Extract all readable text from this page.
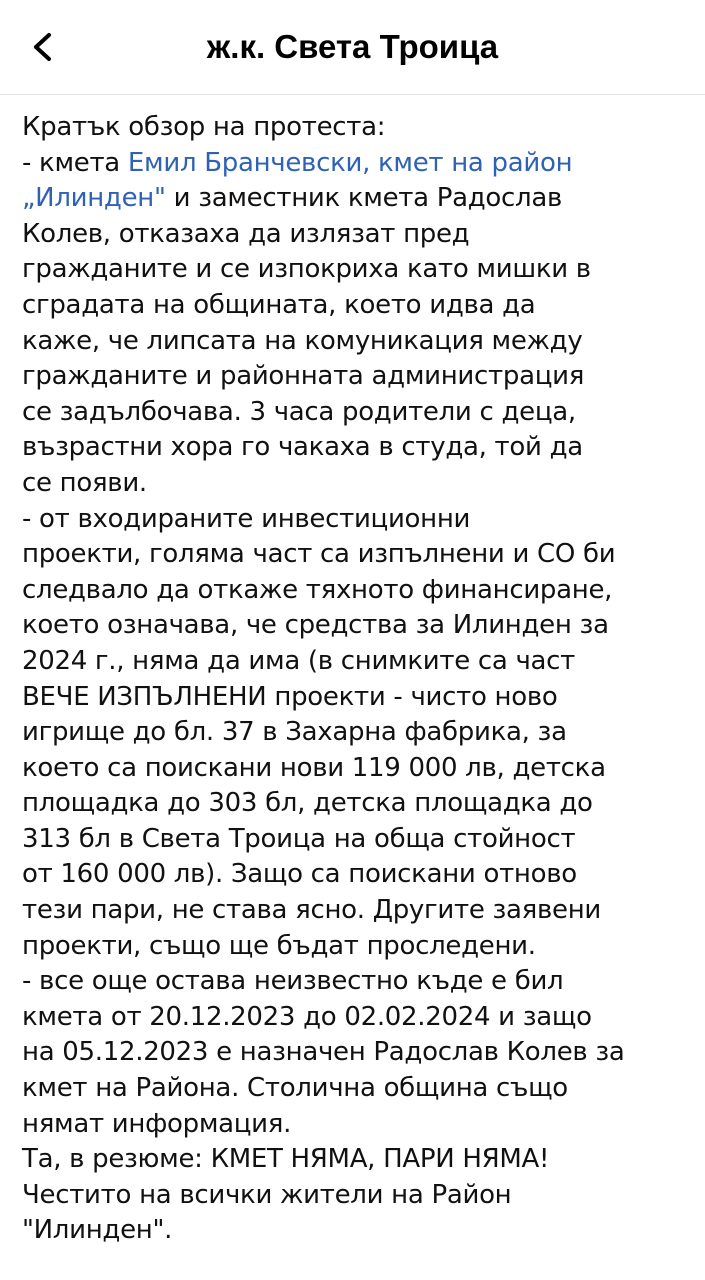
ж.к. Света Троица
Кратък обзор на протеста:
- кмета Емил Бранчевски, кмет на район
„Илинден" и заместник кмета Радослав
Колев, отказаха да излязат пред
гражданите и се изпокриха като мишки в
сградата на общината, което идва да
каже, че липсата на комуникация между
гражданите и районната администрация
се задълбочава. 3 часа родители с деца,
възрастни хора го чакаха в студа, той да
се появи.
- от входираните инвестиционни
проекти, голяма част са изпълнени и СО би
следвало да откаже тяхното финансиране,
което означава, че средства за Илинден за
2024 г., няма да има (в снимките са част
ВЕЧЕ ИЗПЪЛНЕНИ проекти - чисто ново
игрище до бл. 37 в Захарна фабрика, за
което са поискани нови 119 000 лв, детска
площадка до 303 бл, детска площадка до
313 бл в Света Троица на обща стойност
от 160 000 лв). Защо са поискани отново
тези пари, не става ясно. Другите заявени
проекти, също ще бъдат проследени.
- все още остава неизвестно къде е бил
кмета от 20.12.2023 до 02.02.2024 и защо
на 05.12.2023 е назначен Радослав Колев за
кмет на Района. Столична община също
нямат информация.
Та, в резюме: КМЕТ НЯМА, ПАРИ НЯМА!
Честито на всички жители на Район
"Илинден".
